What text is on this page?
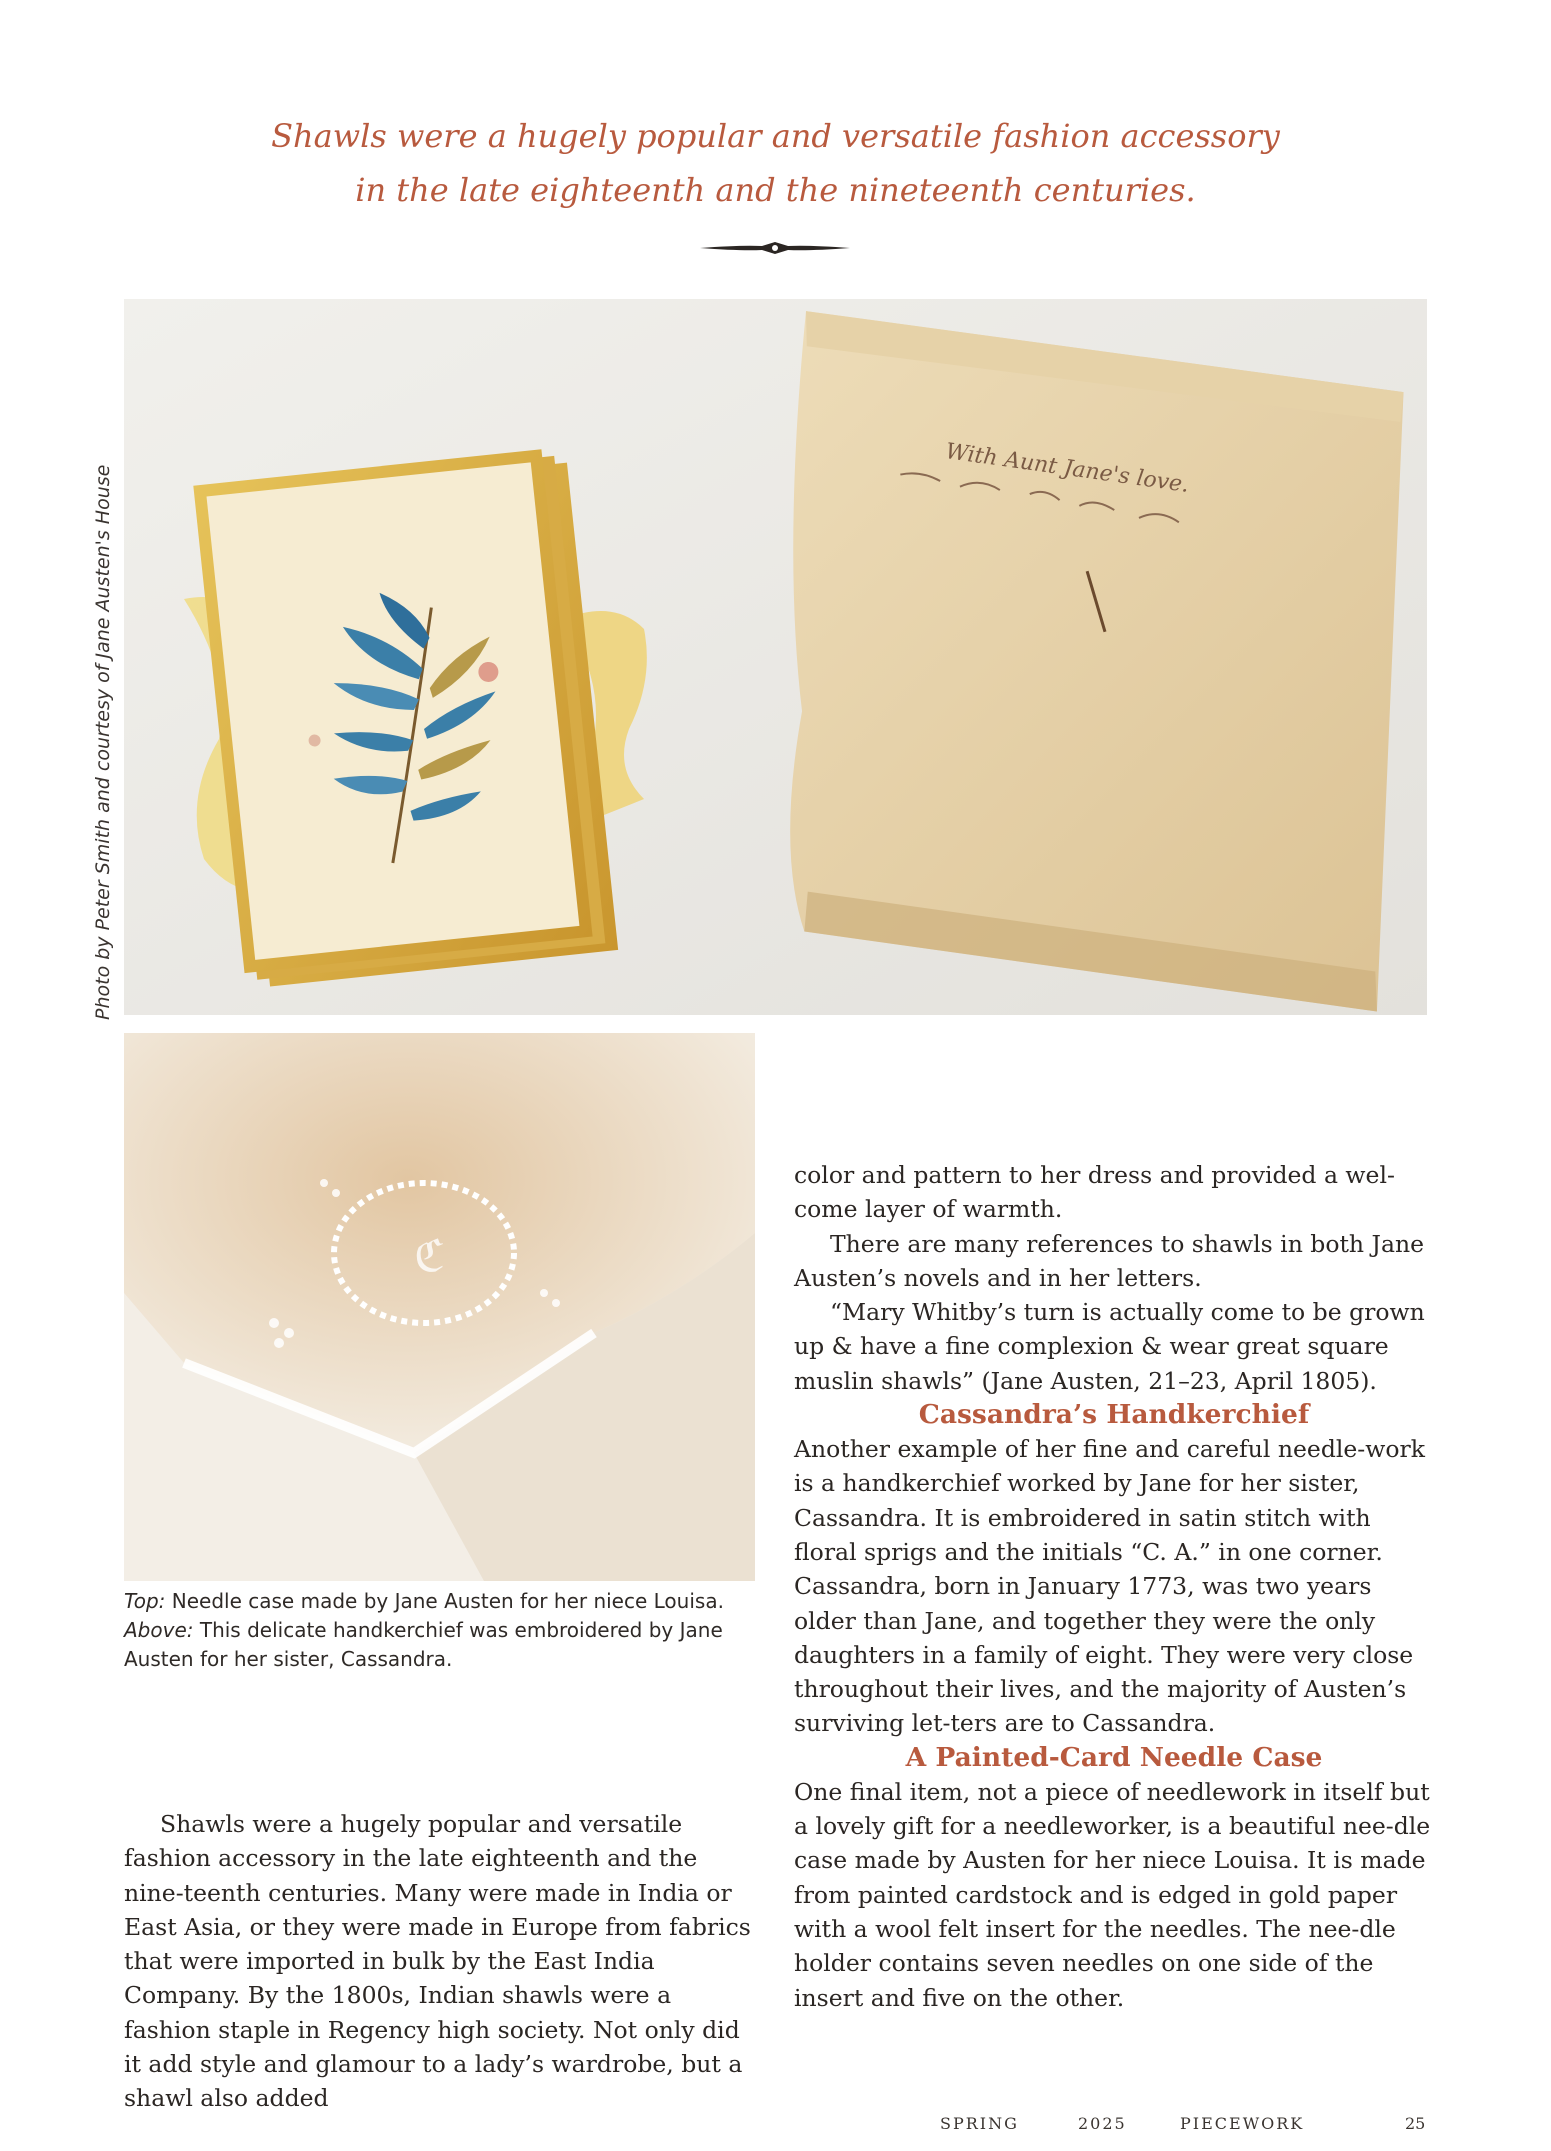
Shawls were a hugely popular and versatile fashion accessory
in the late eighteenth and the nineteenth centuries.
Photo by Peter Smith and courtesy of Jane Austen's House	With Aunt Jane's love.
ℭ
Top: Needle case made by Jane Austen for her niece Louisa.
Above: This delicate handkerchief was embroidered by Jane Austen for her sister, Cassandra.

Shawls were a hugely popular and versatile fashion accessory in the late eighteenth and the nine-teenth centuries. Many were made in India or East Asia, or they were made in Europe from fabrics that were imported in bulk by the East India Company. By the 1800s, Indian shawls were a fashion staple in Regency high society. Not only did it add style and glamour to a lady’s wardrobe, but a shawl also added

color and pattern to her dress and provided a wel-come layer of warmth.

There are many references to shawls in both Jane Austen’s novels and in her letters.

“Mary Whitby’s turn is actually come to be grown up & have a fine complexion & wear great square muslin shawls” (Jane Austen, 21–23, April 1805).

Cassandra’s Handkerchief

Another example of her fine and careful needle-work is a handkerchief worked by Jane for her sister, Cassandra. It is embroidered in satin stitch with floral sprigs and the initials “C. A.” in one corner. Cassandra, born in January 1773, was two years older than Jane, and together they were the only daughters in a family of eight. They were very close throughout their lives, and the majority of Austen’s surviving let-ters are to Cassandra.

A Painted-Card Needle Case

One final item, not a piece of needlework in itself but a lovely gift for a needleworker, is a beautiful nee-dle case made by Austen for her niece Louisa. It is made from painted cardstock and is edged in gold paper with a wool felt insert for the needles. The nee-dle holder contains seven needles on one side of the insert and five on the other.

SPRING	2025	PIECEWORK	25
